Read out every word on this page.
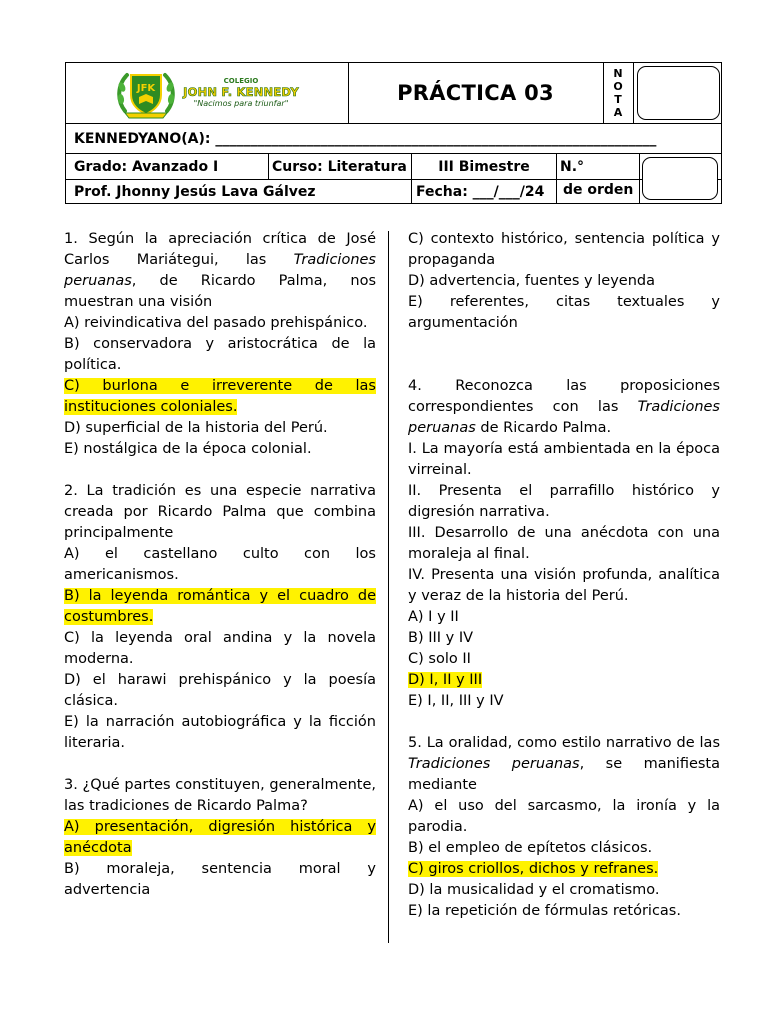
JFK
COLEGIO
JOHN F. KENNEDY
"Nacimos para triunfar"	PRÁCTICA 03
N
O
T
A
KENNEDYANO(A): _______________________________________________________________
Grado: Avanzado I	Curso: Literatura	III Bimestre	N.°
Prof. Jhonny Jesús Lava Gálvez	Fecha: ___/___/24	de orden
1. Según la apreciación crítica de José Carlos Mariátegui, las Tradiciones peruanas, de Ricardo Palma, nos muestran una visión
A) reivindicativa del pasado prehispánico.
B) conservadora y aristocrática de la política.
C) burlona e irreverente de las instituciones coloniales.
D) superficial de la historia del Perú.
E) nostálgica de la época colonial.
2. La tradición es una especie narrativa creada por Ricardo Palma que combina principalmente
A) el castellano culto con los americanismos.
B) la leyenda romántica y el cuadro de costumbres.
C) la leyenda oral andina y la novela moderna.
D) el harawi prehispánico y la poesía clásica.
E) la narración autobiográfica y la ficción literaria.
3. ¿Qué partes constituyen, generalmente, las tradiciones de Ricardo Palma?
A) presentación, digresión histórica y anécdota
B) moraleja, sentencia moral y advertencia
C) contexto histórico, sentencia política y propaganda
D) advertencia, fuentes y leyenda
E) referentes, citas textuales y argumentación
4. Reconozca las proposiciones correspondientes con las Tradiciones peruanas de Ricardo Palma.
I. La mayoría está ambientada en la época virreinal.
II. Presenta el parrafillo histórico y digresión narrativa.
III. Desarrollo de una anécdota con una moraleja al final.
IV. Presenta una visión profunda, analítica y veraz de la historia del Perú.
A) I y II
B) III y IV
C) solo II
D) I, II y III
E) I, II, III y IV
5. La oralidad, como estilo narrativo de las Tradiciones peruanas, se manifiesta mediante
A) el uso del sarcasmo, la ironía y la parodia.
B) el empleo de epítetos clásicos.
C) giros criollos, dichos y refranes.
D) la musicalidad y el cromatismo.
E) la repetición de fórmulas retóricas.
